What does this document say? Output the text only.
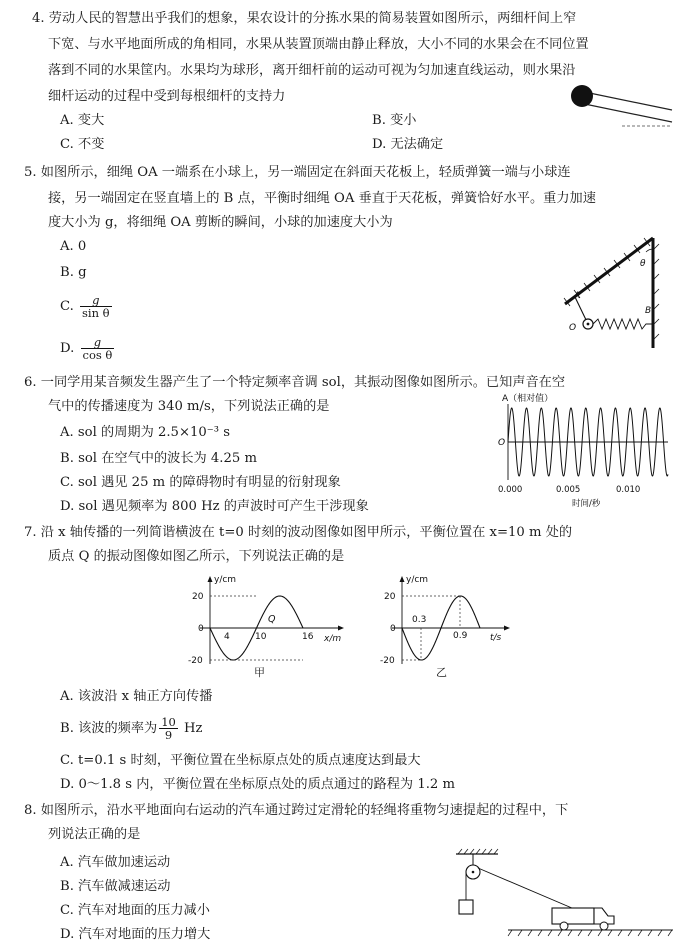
4. 劳动人民的智慧出乎我们的想象，果农设计的分拣水果的简易装置如图所示，两细杆间上窄
下宽、与水平地面所成的角相同，水果从装置顶端由静止释放，大小不同的水果会在不同位置
落到不同的水果筐内。水果均为球形，离开细杆前的运动可视为匀加速直线运动，则水果沿
细杆运动的过程中受到每根细杆的支持力
A. 变大	B. 变小
C. 不变	D. 无法确定
5. 如图所示，细绳 OA 一端系在小球上，另一端固定在斜面天花板上，轻质弹簧一端与小球连
接，另一端固定在竖直墙上的 B 点，平衡时细绳 OA 垂直于天花板，弹簧恰好水平。重力加速
度大小为 g，将细绳 OA 剪断的瞬间，小球的加速度大小为
A. 0
B. g
C. $\frac{g}{\text{sin θ}}$
D. $\frac{g}{\text{cos θ}}$
θ
A
O
B
6. 一同学用某音频发生器产生了一个特定频率音调 sol，其振动图像如图所示。已知声音在空
气中的传播速度为 340 m/s，下列说法正确的是
A. sol 的周期为 2.5×10⁻³ s
B. sol 在空气中的波长为 4.25 m
C. sol 遇见 25 m 的障碍物时有明显的衍射现象
D. sol 遇见频率为 800 Hz 的声波时可产生干涉现象
A（相对值）
O
0.000	0.005	0.010
时间/秒
7. 沿 x 轴传播的一列简谐横波在 t=0 时刻的波动图像如图甲所示，平衡位置在 x=10 m 处的
质点 Q 的振动图像如图乙所示，下列说法正确的是
y/cm
20
0
-20
4	10	16 x/m
Q
甲
y/cm
20
0
-20
0.3
0.9	t/s
乙
A. 该波沿 x 轴正方向传播
B. 该波的频率为 $\frac{10}{9}$ Hz
C. t=0.1 s 时刻，平衡位置在坐标原点处的质点速度达到最大
D. 0～1.8 s 内，平衡位置在坐标原点处的质点通过的路程为 1.2 m
8. 如图所示，沿水平地面向右运动的汽车通过跨过定滑轮的轻绳将重物匀速提起的过程中，下
列说法正确的是
A. 汽车做加速运动
B. 汽车做减速运动
C. 汽车对地面的压力减小
D. 汽车对地面的压力增大
